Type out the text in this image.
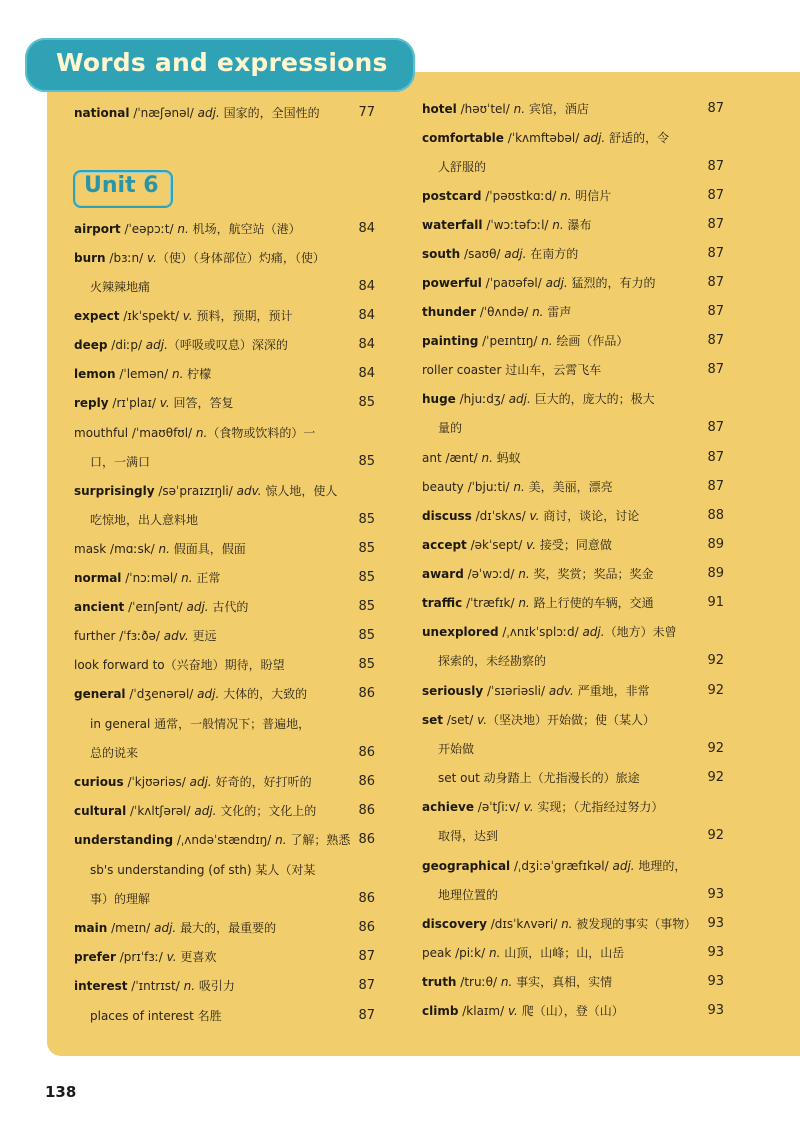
Words and expressions
Unit 6
national /ˈnæʃənəl/ adj. 国家的，全国性的	77
airport /ˈeəpɔːt/ n. 机场，航空站（港）	84
burn /bɜːn/ v.（使）（身体部位）灼痛，（使）
火辣辣地痛	84
expect /ɪkˈspekt/ v. 预料，预期，预计	84
deep /diːp/ adj.（呼吸或叹息）深深的	84
lemon /ˈlemən/ n. 柠檬	84
reply /rɪˈplaɪ/ v. 回答，答复	85
mouthful /ˈmaʊθfʊl/ n.（食物或饮料的）一
口，一满口	85
surprisingly /səˈpraɪzɪŋli/ adv. 惊人地，使人
吃惊地，出人意料地	85
mask /mɑːsk/ n. 假面具，假面	85
normal /ˈnɔːməl/ n. 正常	85
ancient /ˈeɪnʃənt/ adj. 古代的	85
further /ˈfɜːðə/ adv. 更远	85
look forward to（兴奋地）期待，盼望	85
general /ˈdʒenərəl/ adj. 大体的，大致的	86
in general 通常，一般情况下；普遍地，
总的说来	86
curious /ˈkjʊəriəs/ adj. 好奇的，好打听的	86
cultural /ˈkʌltʃərəl/ adj. 文化的；文化上的	86
understanding /ˌʌndəˈstændɪŋ/ n. 了解；熟悉 86
sb's understanding (of sth) 某人（对某
事）的理解	86
main /meɪn/ adj. 最大的，最重要的	86
prefer /prɪˈfɜː/ v. 更喜欢	87
interest /ˈɪntrɪst/ n. 吸引力	87
places of interest 名胜	87
hotel /həʊˈtel/ n. 宾馆，酒店	87
comfortable /ˈkʌmftəbəl/ adj. 舒适的，令
人舒服的	87
postcard /ˈpəʊstkɑːd/ n. 明信片	87
waterfall /ˈwɔːtəfɔːl/ n. 瀑布	87
south /saʊθ/ adj. 在南方的	87
powerful /ˈpaʊəfəl/ adj. 猛烈的，有力的	87
thunder /ˈθʌndə/ n. 雷声	87
painting /ˈpeɪntɪŋ/ n. 绘画（作品）	87
roller coaster 过山车，云霄飞车	87
huge /hjuːdʒ/ adj. 巨大的，庞大的；极大
量的	87
ant /ænt/ n. 蚂蚁	87
beauty /ˈbjuːti/ n. 美，美丽，漂亮	87
discuss /dɪˈskʌs/ v. 商讨，谈论，讨论	88
accept /əkˈsept/ v. 接受；同意做	89
award /əˈwɔːd/ n. 奖，奖赏；奖品；奖金	89
traffic /ˈtræfɪk/ n. 路上行使的车辆，交通	91
unexplored /ˌʌnɪkˈsplɔːd/ adj.（地方）未曾
探索的，未经勘察的	92
seriously /ˈsɪəriəsli/ adv. 严重地，非常	92
set /set/ v.（坚决地）开始做；使（某人）
开始做	92
set out 动身踏上（尤指漫长的）旅途	92
achieve /əˈtʃiːv/ v. 实现；（尤指经过努力）
取得，达到	92
geographical /ˌdʒiːəˈgræfɪkəl/ adj. 地理的，
地理位置的	93
discovery /dɪsˈkʌvəri/ n. 被发现的事实（事物） 93
peak /piːk/ n. 山顶，山峰；山，山岳	93
truth /truːθ/ n. 事实，真相，实情	93
climb /klaɪm/ v. 爬（山），登（山）	93
138
